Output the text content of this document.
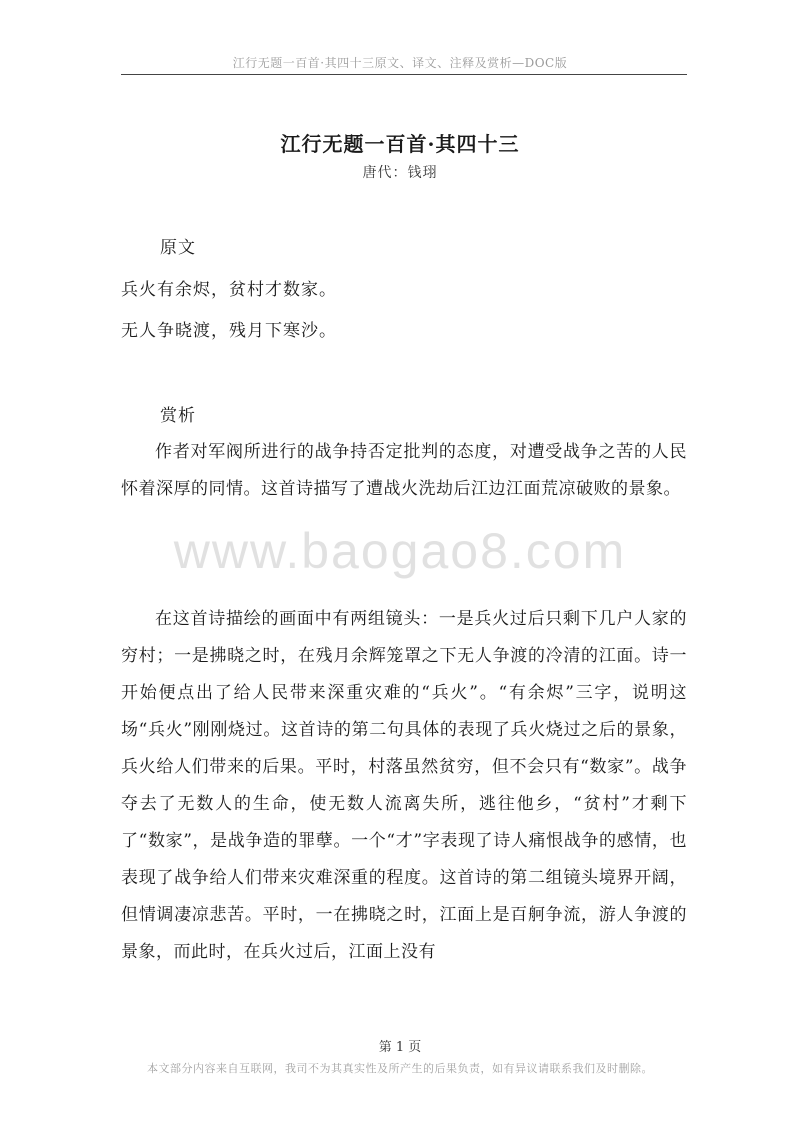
江行无题一百首·其四十三原文、译文、注释及赏析—DOC版
江行无题一百首·其四十三
唐代：钱珝
原文
兵火有余烬，贫村才数家。
无人争晓渡，残月下寒沙。
赏析

作者对军阀所进行的战争持否定批判的态度，对遭受战争之苦的人民怀着深厚的同情。这首诗描写了遭战火洗劫后江边江面荒凉破败的景象。

在这首诗描绘的画面中有两组镜头：一是兵火过后只剩下几户人家的穷村；一是拂晓之时，在残月余辉笼罩之下无人争渡的冷清的江面。诗一开始便点出了给人民带来深重灾难的“兵火”。“有余烬”三字，说明这场“兵火”刚刚烧过。这首诗的第二句具体的表现了兵火烧过之后的景象，兵火给人们带来的后果。平时，村落虽然贫穷，但不会只有“数家”。战争夺去了无数人的生命，使无数人流离失所，逃往他乡，“贫村”才剩下了“数家”，是战争造的罪孽。一个“才”字表现了诗人痛恨战争的感情，也表现了战争给人们带来灾难深重的程度。这首诗的第二组镜头境界开阔，但情调凄凉悲苦。平时，一在拂晓之时，江面上是百舸争流，游人争渡的景象，而此时，在兵火过后，江面上没有

www.baogao8.com
第 1 页
本文部分内容来自互联网，我司不为其真实性及所产生的后果负责，如有异议请联系我们及时删除。
